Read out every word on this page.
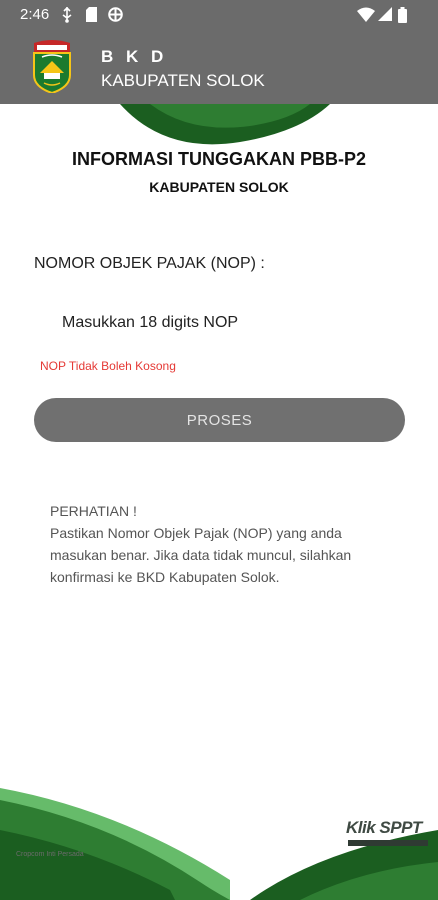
2:46
B K D
KABUPATEN SOLOK
INFORMASI TUNGGAKAN PBB-P2
KABUPATEN SOLOK
NOMOR OBJEK PAJAK (NOP) :
Masukkan 18 digits NOP
NOP Tidak Boleh Kosong
PROSES

PERHATIAN !

Pastikan Nomor Objek Pajak (NOP) yang anda masukan benar. Jika data tidak muncul, silahkan konfirmasi ke BKD Kabupaten Solok.

Cropcom Inti Persada
Klik SPPT
